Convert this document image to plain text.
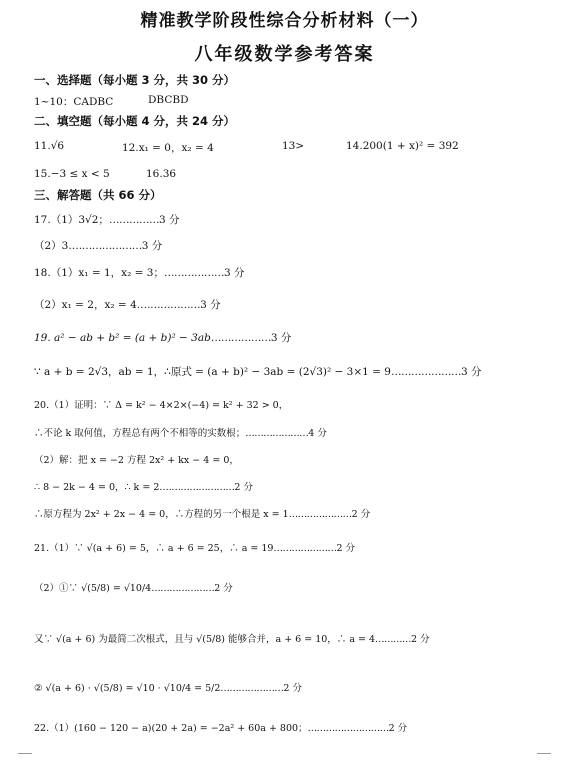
精准教学阶段性综合分析材料（一）
八年级数学参考答案
一、选择题（每小题 3 分，共 30 分）
1~10：CADBC	DBCBD
二、填空题（每小题 4 分，共 24 分）
11.√6	12.x₁ = 0，x₂ = 4	13>	14.200(1 + x)² = 392
15.−3 ≤ x < 5	16.36
三、解答题（共 66 分）
17.（1）3√2；……………3 分
（2）3.…………………3 分
18.（1）x₁ = 1，x₂ = 3；………………3 分
（2）x₁ = 2，x₂ = 4.………………3 分
19. a² − ab + b² = (a + b)² − 3ab………………3 分
∵ a + b = 2√3，ab = 1，∴原式 = (a + b)² − 3ab = (2√3)² − 3×1 = 9…………………3 分
20.（1）证明：∵ Δ = k² − 4×2×(−4) = k² + 32 > 0，
∴不论 k 取何值，方程总有两个不相等的实数根；…………………4 分
（2）解：把 x = −2 方程 2x² + kx − 4 = 0，
∴ 8 − 2k − 4 = 0，∴ k = 2.……………………2 分
∴原方程为 2x² + 2x − 4 = 0，∴方程的另一个根是 x = 1…………………2 分
21.（1）∵ √(a + 6) = 5，∴ a + 6 = 25，∴ a = 19…………………2 分
（2）①∵ √(5/8) = √10/4…………………2 分
又∵ √(a + 6) 为最简二次根式，且与 √(5/8) 能够合并，a + 6 = 10，∴ a = 4…………2 分
② √(a + 6) · √(5/8) = √10 · √10/4 = 5/2…………………2 分
22.（1）(160 − 120 − a)(20 + 2a) = −2a² + 60a + 800；………………………2 分
